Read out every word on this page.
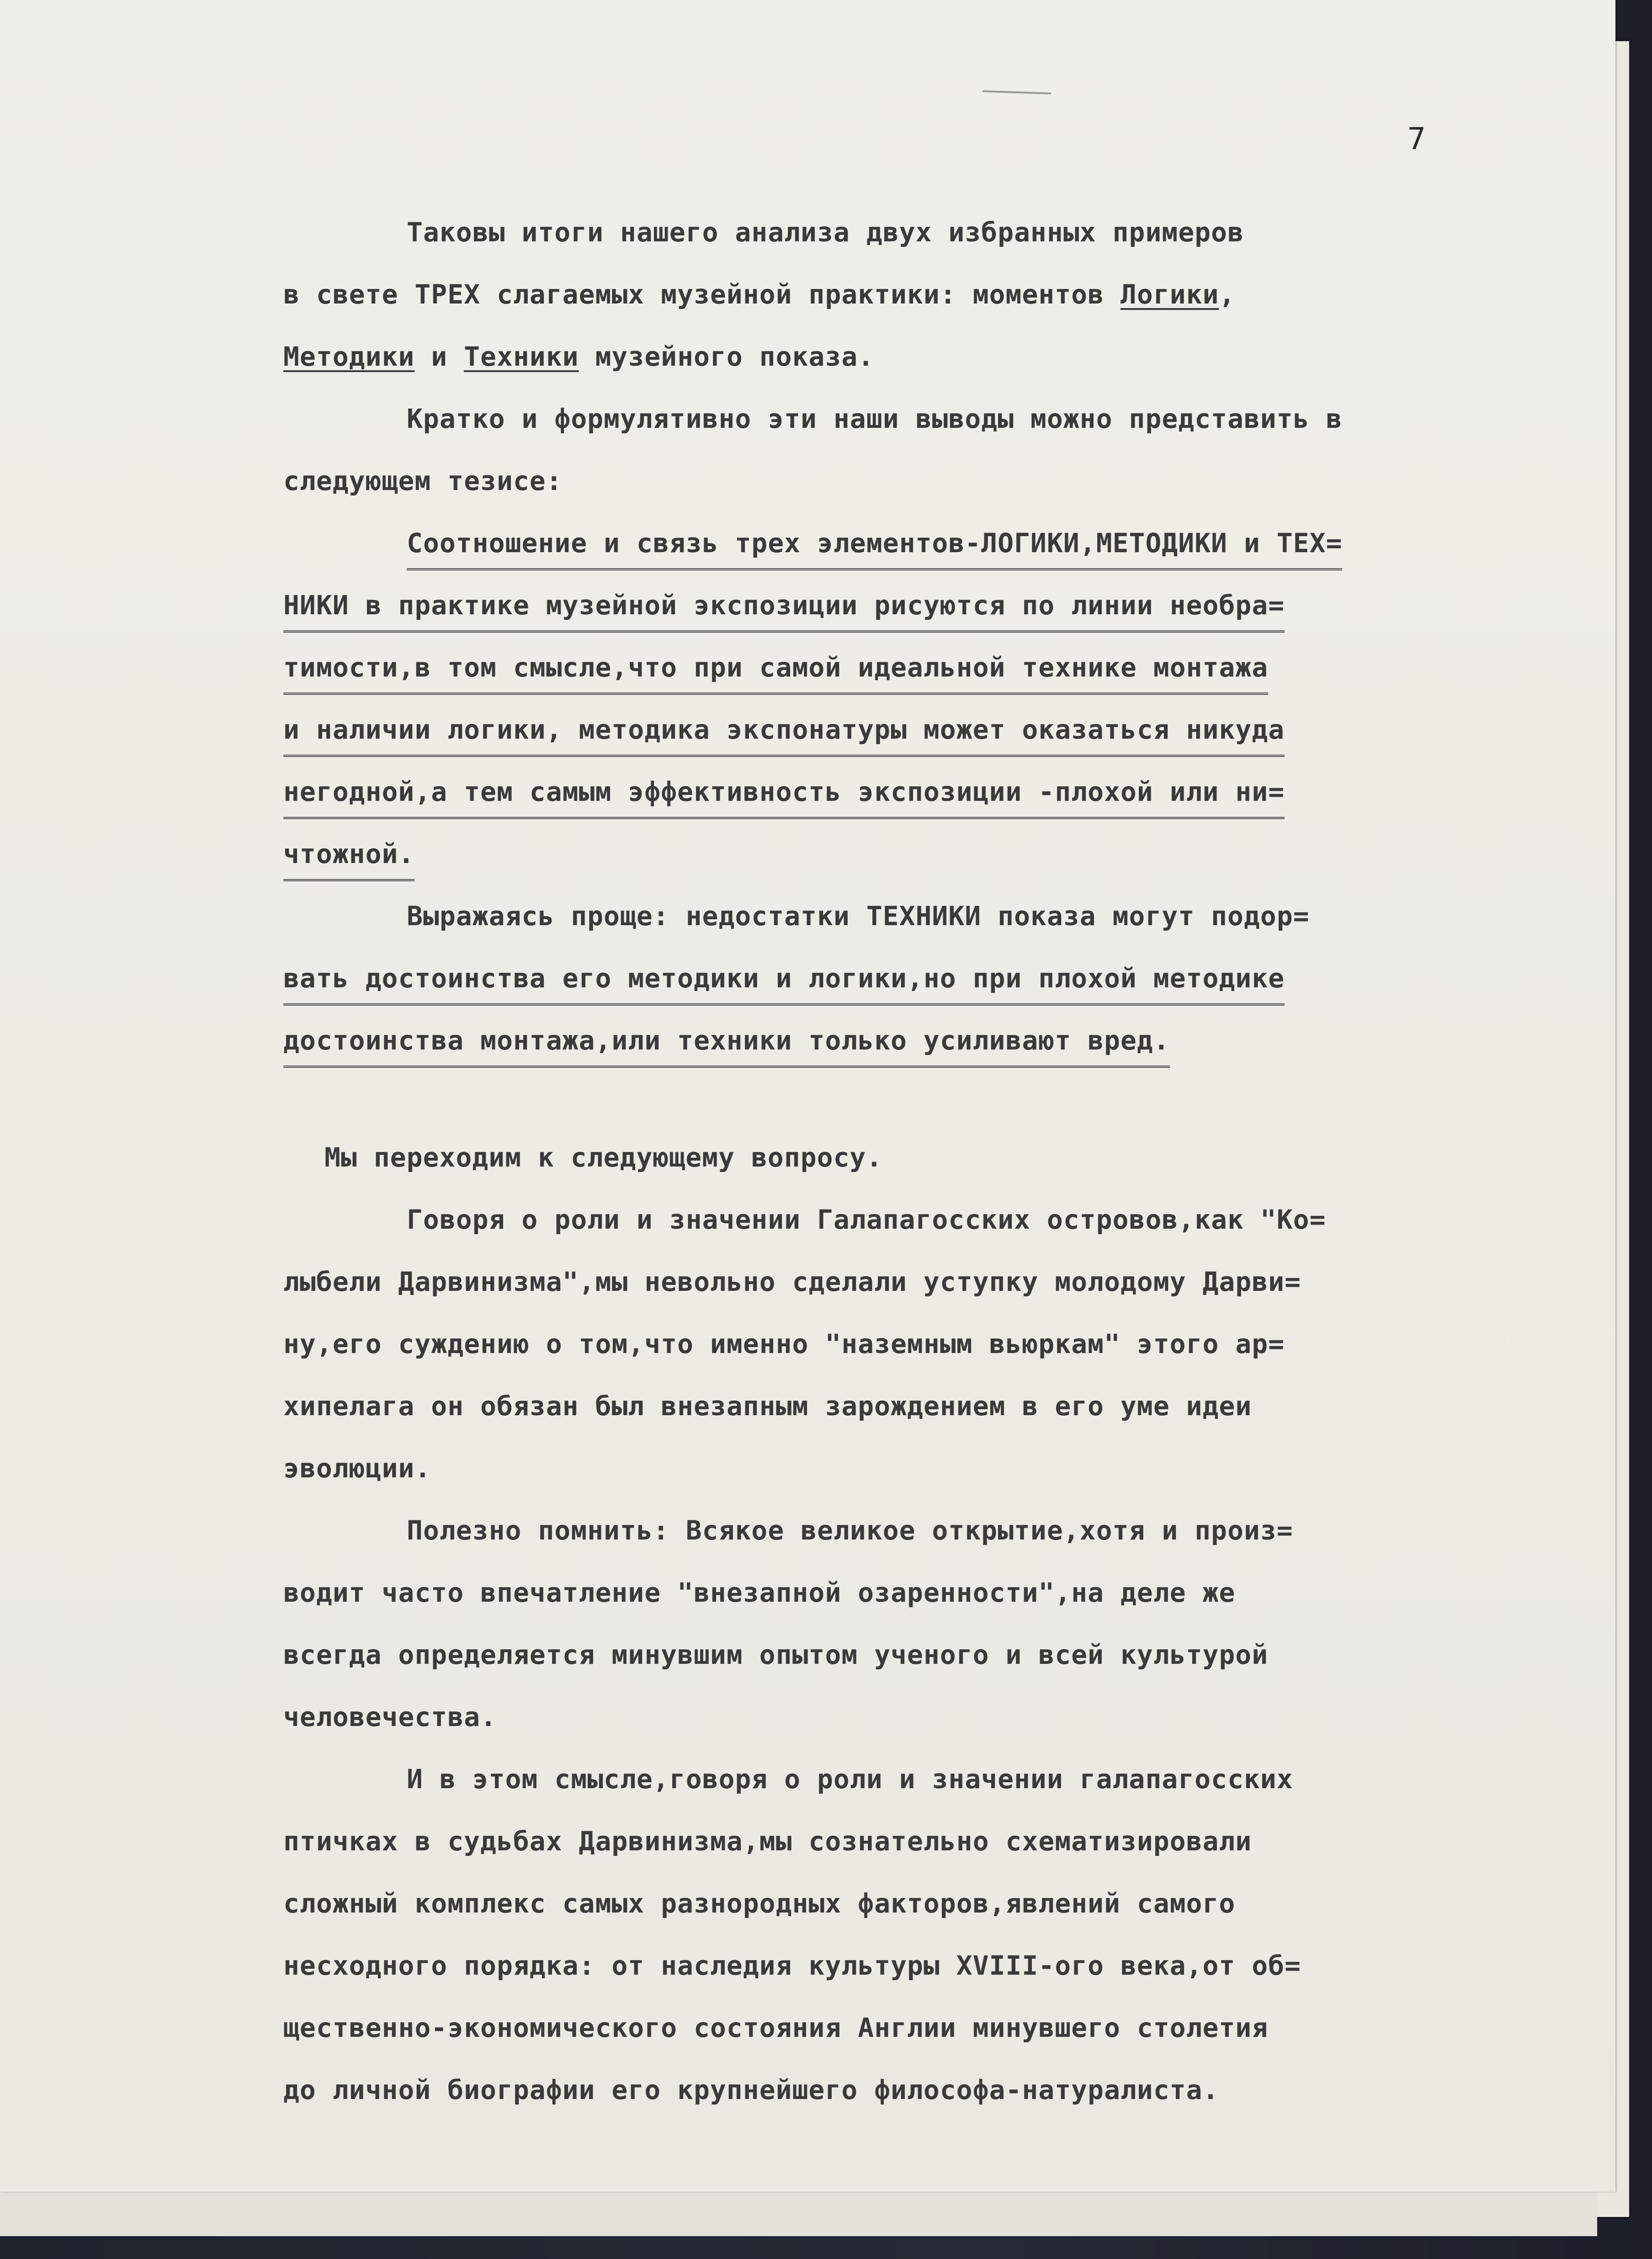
7
Таковы итоги нашего анализа двух избранных примеров
в свете ТРЕХ слагаемых музейной практики: моментов Логики,
Методики и Техники музейного показа.
Кратко и формулятивно эти наши выводы можно представить в
следующем тезисе:
Соотношение и связь трех элементов-ЛОГИКИ,МЕТОДИКИ и ТЕХ=
НИКИ в практике музейной экспозиции рисуются по линии необра=
тимости,в том смысле,что при самой идеальной технике монтажа
и наличии логики, методика экспонатуры может оказаться никуда
негодной,а тем самым эффективность экспозиции -плохой или ни=
чтожной.
Выражаясь проще: недостатки ТЕХНИКИ показа могут подор=
вать достоинства его методики и логики,но при плохой методике
достоинства монтажа,или техники только усиливают вред.
Мы переходим к следующему вопросу.
Говоря о роли и значении Галапагосских островов,как "Ко=
лыбели Дарвинизма",мы невольно сделали уступку молодому Дарви=
ну,его суждению о том,что именно "наземным вьюркам" этого ар=
хипелага он обязан был внезапным зарождением в его уме идеи
эволюции.
Полезно помнить: Всякое великое открытие,хотя и произ=
водит часто впечатление "внезапной озаренности",на деле же
всегда определяется минувшим опытом ученого и всей культурой
человечества.
И в этом смысле,говоря о роли и значении галапагосских
птичках в судьбах Дарвинизма,мы сознательно схематизировали
сложный комплекс самых разнородных факторов,явлений самого
несходного порядка: от наследия культуры XVIII-ого века,от об=
щественно-экономического состояния Англии минувшего столетия
до личной биографии его крупнейшего философа-натуралиста.
